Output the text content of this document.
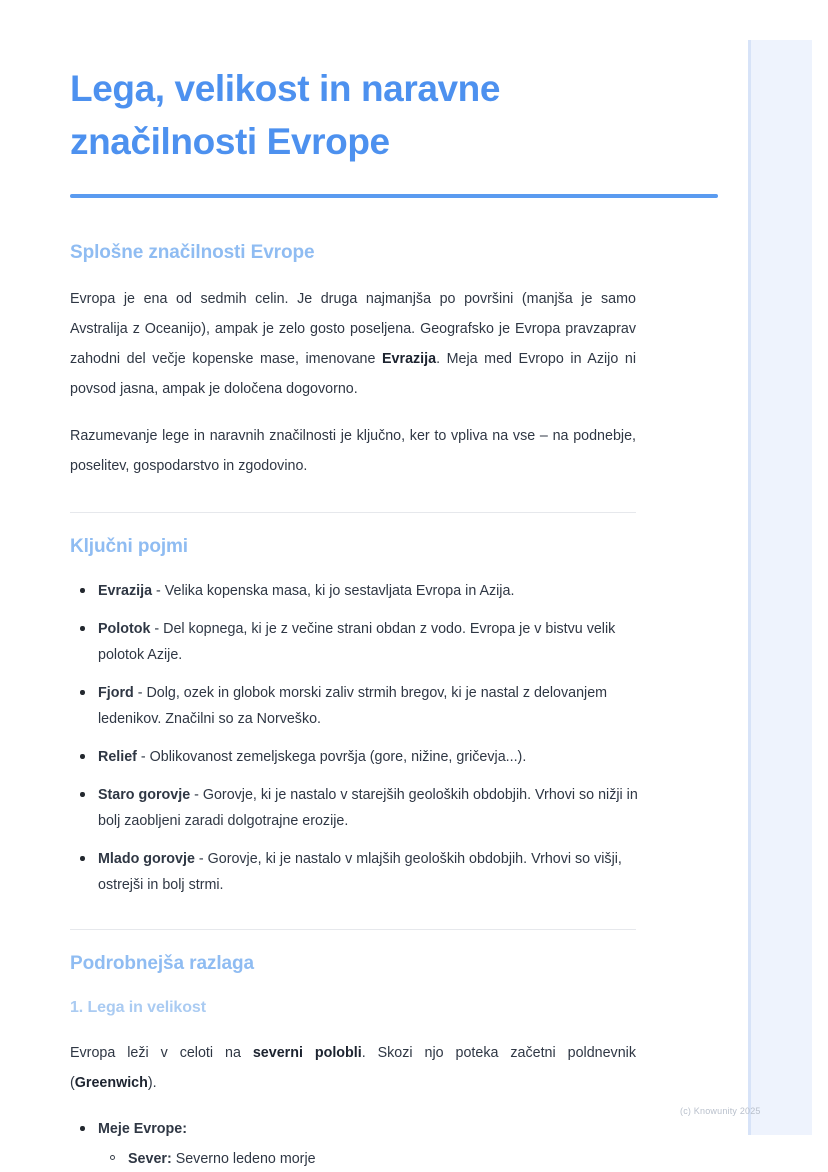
Lega, velikost in naravne značilnosti Evrope
Splošne značilnosti Evrope

Evropa je ena od sedmih celin. Je druga najmanjša po površini (manjša je samo Avstralija z Oceanijo), ampak je zelo gosto poseljena. Geografsko je Evropa pravzaprav zahodni del večje kopenske mase, imenovane Evrazija. Meja med Evropo in Azijo ni povsod jasna, ampak je določena dogovorno.

Razumevanje lege in naravnih značilnosti je ključno, ker to vpliva na vse – na podnebje, poselitev, gospodarstvo in zgodovino.

Ključni pojmi
Evrazija - Velika kopenska masa, ki jo sestavljata Evropa in Azija.
Polotok - Del kopnega, ki je z večine strani obdan z vodo. Evropa je v bistvu velik polotok Azije.
Fjord - Dolg, ozek in globok morski zaliv strmih bregov, ki je nastal z delovanjem ledenikov. Značilni so za Norveško.
Relief - Oblikovanost zemeljskega površja (gore, nižine, gričevja...).
Staro gorovje - Gorovje, ki je nastalo v starejših geoloških obdobjih. Vrhovi so nižji in bolj zaobljeni zaradi dolgotrajne erozije.
Mlado gorovje - Gorovje, ki je nastalo v mlajših geoloških obdobjih. Vrhovi so višji, ostrejši in bolj strmi.
Podrobnejša razlaga
1. Lega in velikost

Evropa leži v celoti na severni polobli. Skozi njo poteka začetni poldnevnik (Greenwich).

Meje Evrope:
Sever: Severno ledeno morje
(c) Knowunity 2025
